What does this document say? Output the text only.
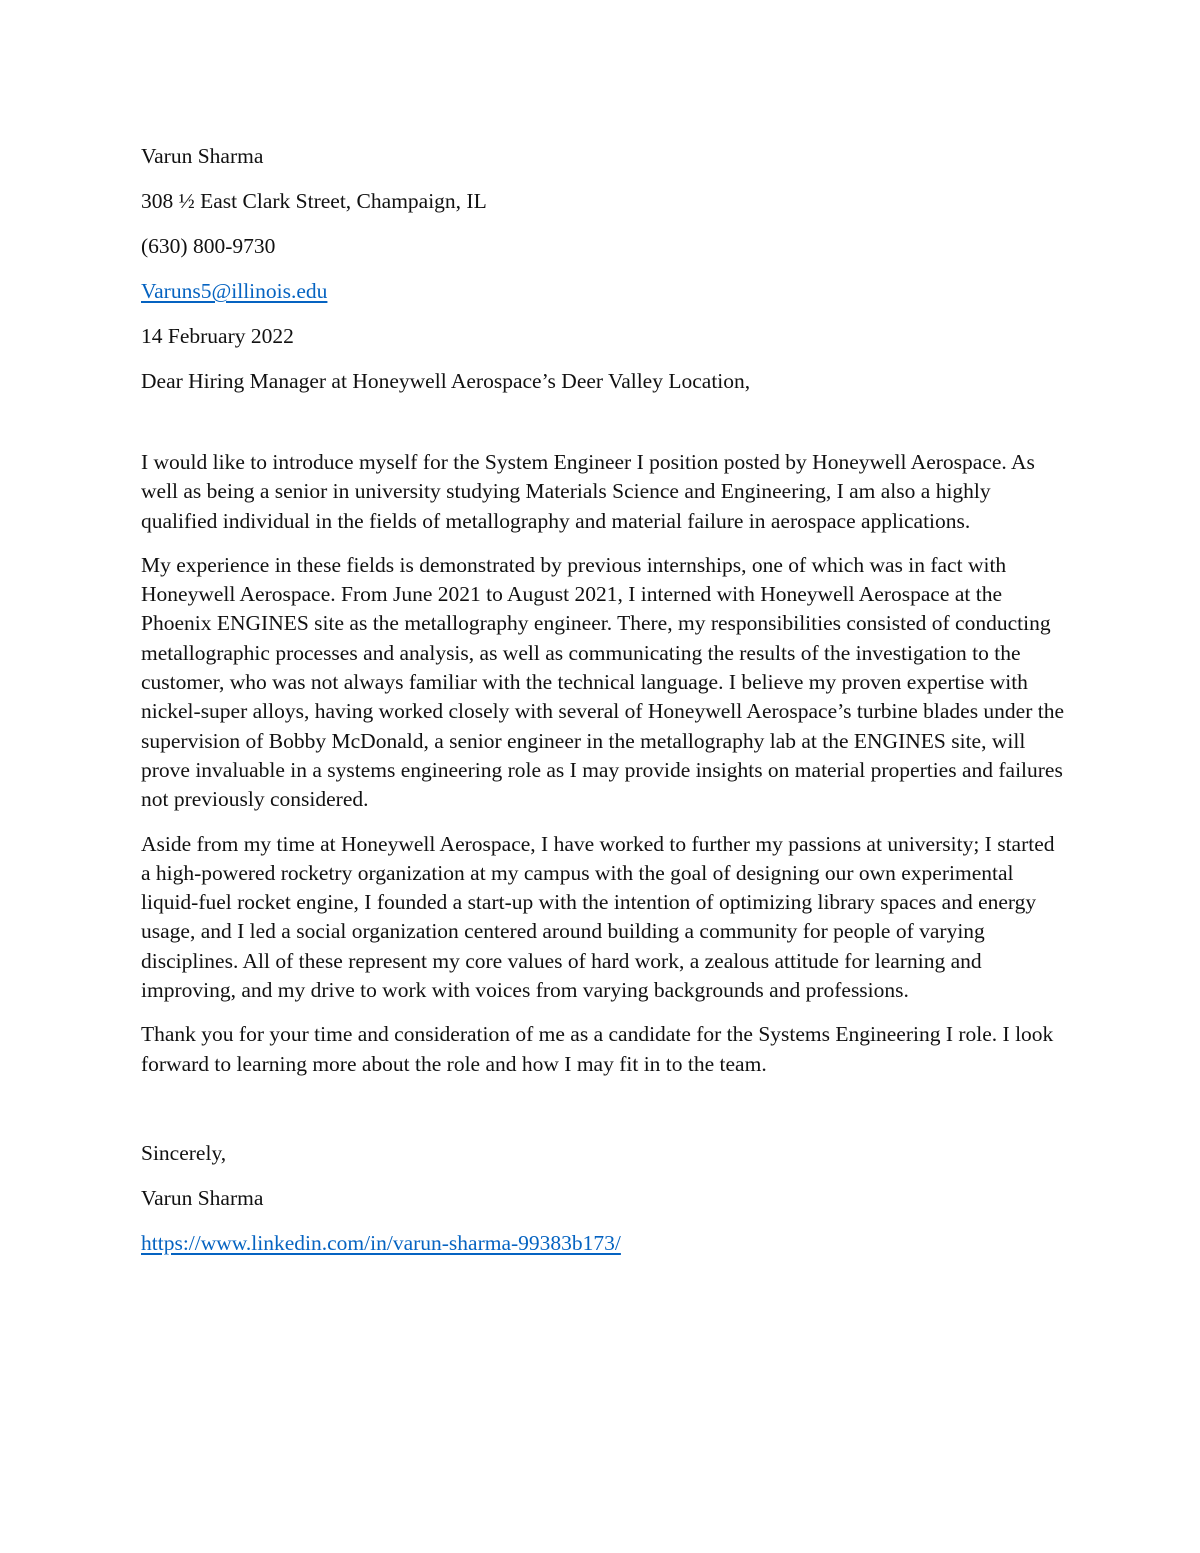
Varun Sharma
308 ½ East Clark Street, Champaign, IL
(630) 800-9730
Varuns5@illinois.edu
14 February 2022
Dear Hiring Manager at Honeywell Aerospace’s Deer Valley Location,

I would like to introduce myself for the System Engineer I position posted by Honeywell Aerospace. As well as being a senior in university studying Materials Science and Engineering, I am also a highly qualified individual in the fields of metallography and material failure in aerospace applications.

My experience in these fields is demonstrated by previous internships, one of which was in fact with Honeywell Aerospace. From June 2021 to August 2021, I interned with Honeywell Aerospace at the Phoenix ENGINES site as the metallography engineer. There, my responsibilities consisted of conducting metallographic processes and analysis, as well as communicating the results of the investigation to the customer, who was not always familiar with the technical language. I believe my proven expertise with nickel-super alloys, having worked closely with several of Honeywell Aerospace’s turbine blades under the supervision of Bobby McDonald, a senior engineer in the metallography lab at the ENGINES site, will prove invaluable in a systems engineering role as I may provide insights on material properties and failures not previously considered.

Aside from my time at Honeywell Aerospace, I have worked to further my passions at university; I started a high-powered rocketry organization at my campus with the goal of designing our own experimental liquid-fuel rocket engine, I founded a start-up with the intention of optimizing library spaces and energy usage, and I led a social organization centered around building a community for people of varying disciplines. All of these represent my core values of hard work, a zealous attitude for learning and improving, and my drive to work with voices from varying backgrounds and professions.

Thank you for your time and consideration of me as a candidate for the Systems Engineering I role. I look forward to learning more about the role and how I may fit in to the team.

Sincerely,
Varun Sharma
https://www.linkedin.com/in/varun-sharma-99383b173/
